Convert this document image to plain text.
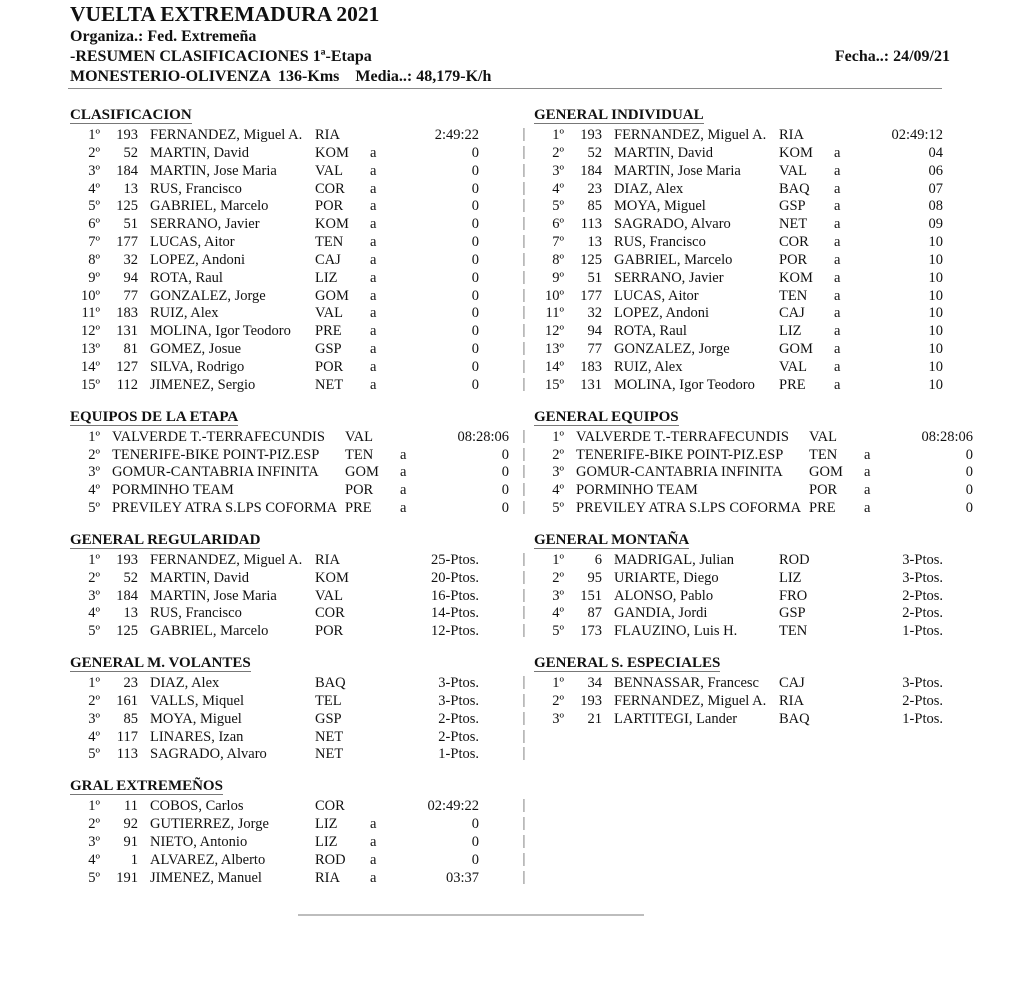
VUELTA EXTREMADURA 2021
Organiza.: Fed. Extremeña
-RESUMEN CLASIFICACIONES 1ª-Etapa	Fecha..: 24/09/21
MONESTERIO-OLIVENZA  136-Kms    Media..: 48,179-K/h
CLASIFICACION
1º	193		FERNANDEZ, Miguel A.	RIA		2:49:22
2º	52		MARTIN, David	KOM	a	0
3º	184		MARTIN, Jose Maria	VAL	a	0
4º	13		RUS, Francisco	COR	a	0
5º	125		GABRIEL, Marcelo	POR	a	0
6º	51		SERRANO, Javier	KOM	a	0
7º	177		LUCAS, Aitor	TEN	a	0
8º	32		LOPEZ, Andoni	CAJ	a	0
9º	94		ROTA, Raul	LIZ	a	0
10º	77		GONZALEZ, Jorge	GOM	a	0
11º	183		RUIZ, Alex	VAL	a	0
12º	131		MOLINA, Igor Teodoro	PRE	a	0
13º	81		GOMEZ, Josue	GSP	a	0
14º	127		SILVA, Rodrigo	POR	a	0
15º	112		JIMENEZ, Sergio	NET	a	0
|
|
|
|
|
|
|
|
|
|
|
|
|
|
|
GENERAL INDIVIDUAL
1º	193		FERNANDEZ, Miguel A.	RIA		02:49:12
2º	52		MARTIN, David	KOM	a	04
3º	184		MARTIN, Jose Maria	VAL	a	06
4º	23		DIAZ, Alex	BAQ	a	07
5º	85		MOYA, Miguel	GSP	a	08
6º	113		SAGRADO, Alvaro	NET	a	09
7º	13		RUS, Francisco	COR	a	10
8º	125		GABRIEL, Marcelo	POR	a	10
9º	51		SERRANO, Javier	KOM	a	10
10º	177		LUCAS, Aitor	TEN	a	10
11º	32		LOPEZ, Andoni	CAJ	a	10
12º	94		ROTA, Raul	LIZ	a	10
13º	77		GONZALEZ, Jorge	GOM	a	10
14º	183		RUIZ, Alex	VAL	a	10
15º	131		MOLINA, Igor Teodoro	PRE	a	10
EQUIPOS DE LA ETAPA
1º		VALVERDE T.-TERRAFECUNDIS	VAL		08:28:06
2º		TENERIFE-BIKE POINT-PIZ.ESP	TEN	a	0
3º		GOMUR-CANTABRIA INFINITA	GOM	a	0
4º		PORMINHO TEAM	POR	a	0
5º		PREVILEY ATRA S.LPS COFORMA	PRE	a	0
|
|
|
|
|
GENERAL EQUIPOS
1º		VALVERDE T.-TERRAFECUNDIS	VAL		08:28:06
2º		TENERIFE-BIKE POINT-PIZ.ESP	TEN	a	0
3º		GOMUR-CANTABRIA INFINITA	GOM	a	0
4º		PORMINHO TEAM	POR	a	0
5º		PREVILEY ATRA S.LPS COFORMA	PRE	a	0
GENERAL REGULARIDAD
1º	193		FERNANDEZ, Miguel A.	RIA		25-Ptos.
2º	52		MARTIN, David	KOM		20-Ptos.
3º	184		MARTIN, Jose Maria	VAL		16-Ptos.
4º	13		RUS, Francisco	COR		14-Ptos.
5º	125		GABRIEL, Marcelo	POR		12-Ptos.
|
|
|
|
|
GENERAL MONTAÑA
1º	6		MADRIGAL, Julian	ROD		3-Ptos.
2º	95		URIARTE, Diego	LIZ		3-Ptos.
3º	151		ALONSO, Pablo	FRO		2-Ptos.
4º	87		GANDIA, Jordi	GSP		2-Ptos.
5º	173		FLAUZINO, Luis H.	TEN		1-Ptos.
GENERAL M. VOLANTES
1º	23		DIAZ, Alex	BAQ		3-Ptos.
2º	161		VALLS, Miquel	TEL		3-Ptos.
3º	85		MOYA, Miguel	GSP		2-Ptos.
4º	117		LINARES, Izan	NET		2-Ptos.
5º	113		SAGRADO, Alvaro	NET		1-Ptos.
|
|
|
|
|
GENERAL S. ESPECIALES
1º	34		BENNASSAR, Francesc	CAJ		3-Ptos.
2º	193		FERNANDEZ, Miguel A.	RIA		2-Ptos.
3º	21		LARTITEGI, Lander	BAQ		1-Ptos.

GRAL EXTREMEÑOS
1º	11		COBOS, Carlos	COR		02:49:22
2º	92		GUTIERREZ, Jorge	LIZ	a	0
3º	91		NIETO, Antonio	LIZ	a	0
4º	1		ALVAREZ, Alberto	ROD	a	0
5º	191		JIMENEZ, Manuel	RIA	a	03:37
|
|
|
|
|
